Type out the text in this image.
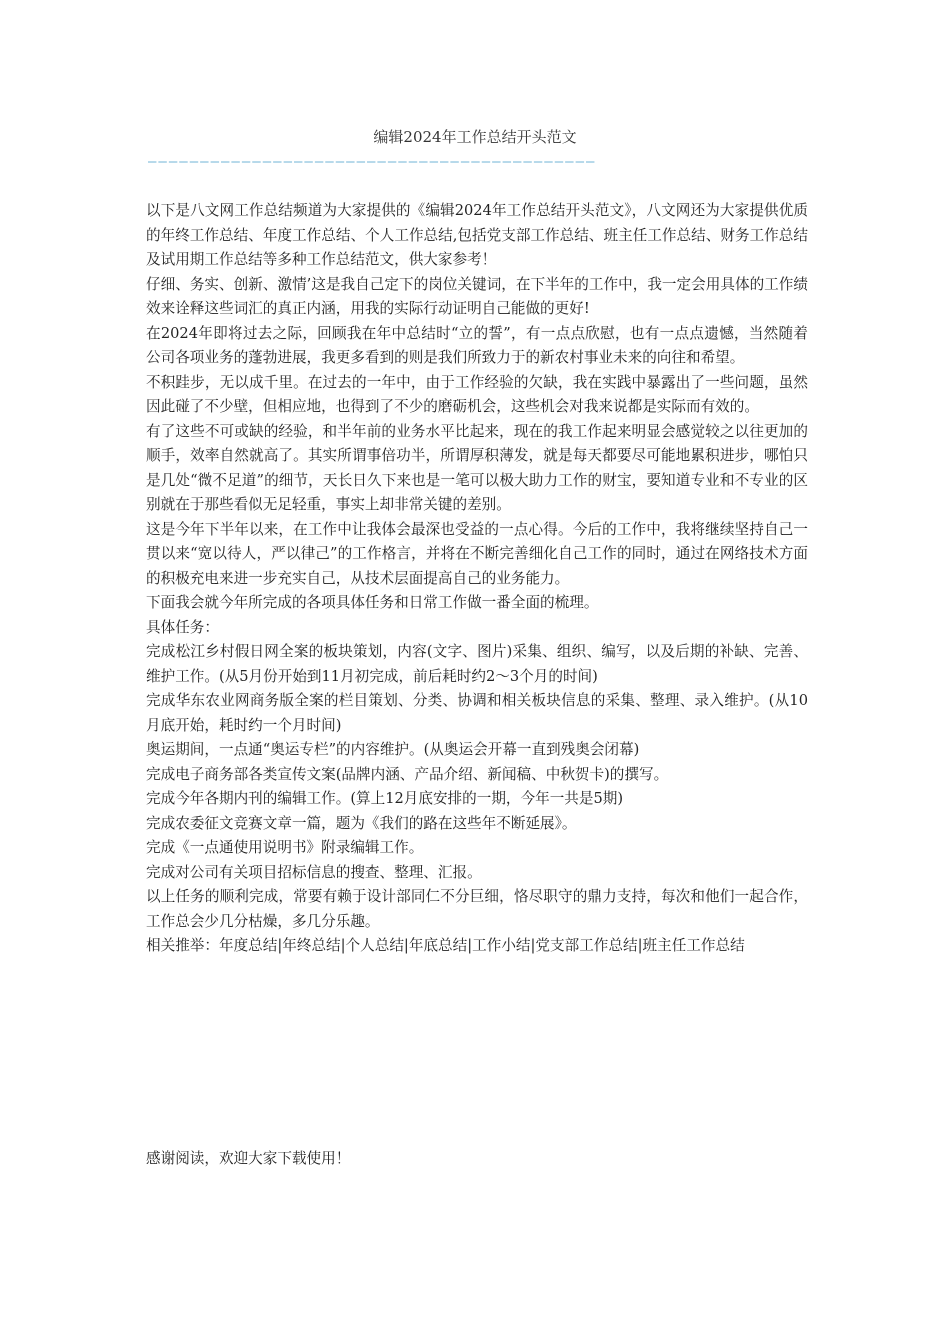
编辑2024年工作总结开头范文
———————————————————————————————————————————

以下是八文网工作总结频道为大家提供的《编辑2024年工作总结开头范文》，八文网还为大家提供优质的年终工作总结、年度工作总结、个人工作总结,包括党支部工作总结、班主任工作总结、财务工作总结及试用期工作总结等多种工作总结范文，供大家参考！

仔细、务实、创新、激情’这是我自己定下的岗位关键词，在下半年的工作中，我一定会用具体的工作绩效来诠释这些词汇的真正内涵，用我的实际行动证明自己能做的更好!

在2024年即将过去之际，回顾我在年中总结时“立的誓”，有一点点欣慰，也有一点点遗憾，当然随着公司各项业务的蓬勃进展，我更多看到的则是我们所致力于的新农村事业未来的向往和希望。

不积跬步，无以成千里。在过去的一年中，由于工作经验的欠缺，我在实践中暴露出了一些问题，虽然因此碰了不少壁，但相应地，也得到了不少的磨砺机会，这些机会对我来说都是实际而有效的。

有了这些不可或缺的经验，和半年前的业务水平比起来，现在的我工作起来明显会感觉较之以往更加的顺手，效率自然就高了。其实所谓事倍功半，所谓厚积薄发，就是每天都要尽可能地累积进步，哪怕只是几处“微不足道”的细节，天长日久下来也是一笔可以极大助力工作的财宝，要知道专业和不专业的区别就在于那些看似无足轻重，事实上却非常关键的差别。

这是今年下半年以来，在工作中让我体会最深也受益的一点心得。今后的工作中，我将继续坚持自己一贯以来“宽以待人，严以律己”的工作格言，并将在不断完善细化自己工作的同时，通过在网络技术方面的积极充电来进一步充实自己，从技术层面提高自己的业务能力。

下面我会就今年所完成的各项具体任务和日常工作做一番全面的梳理。

具体任务：

完成松江乡村假日网全案的板块策划，内容(文字、图片)采集、组织、编写，以及后期的补缺、完善、维护工作。(从5月份开始到11月初完成，前后耗时约2～3个月的时间)

完成华东农业网商务版全案的栏目策划、分类、协调和相关板块信息的采集、整理、录入维护。(从10月底开始，耗时约一个月时间)

奥运期间，一点通“奥运专栏”的内容维护。(从奥运会开幕一直到残奥会闭幕)

完成电子商务部各类宣传文案(品牌内涵、产品介绍、新闻稿、中秋贺卡)的撰写。

完成今年各期内刊的编辑工作。(算上12月底安排的一期，今年一共是5期)

完成农委征文竞赛文章一篇，题为《我们的路在这些年不断延展》。

完成《一点通使用说明书》附录编辑工作。

完成对公司有关项目招标信息的搜查、整理、汇报。

以上任务的顺利完成，常要有赖于设计部同仁不分巨细，恪尽职守的鼎力支持，每次和他们一起合作，工作总会少几分枯燥，多几分乐趣。

相关推举：年度总结|年终总结|个人总结|年底总结|工作小结|党支部工作总结|班主任工作总结

感谢阅读，欢迎大家下载使用！
